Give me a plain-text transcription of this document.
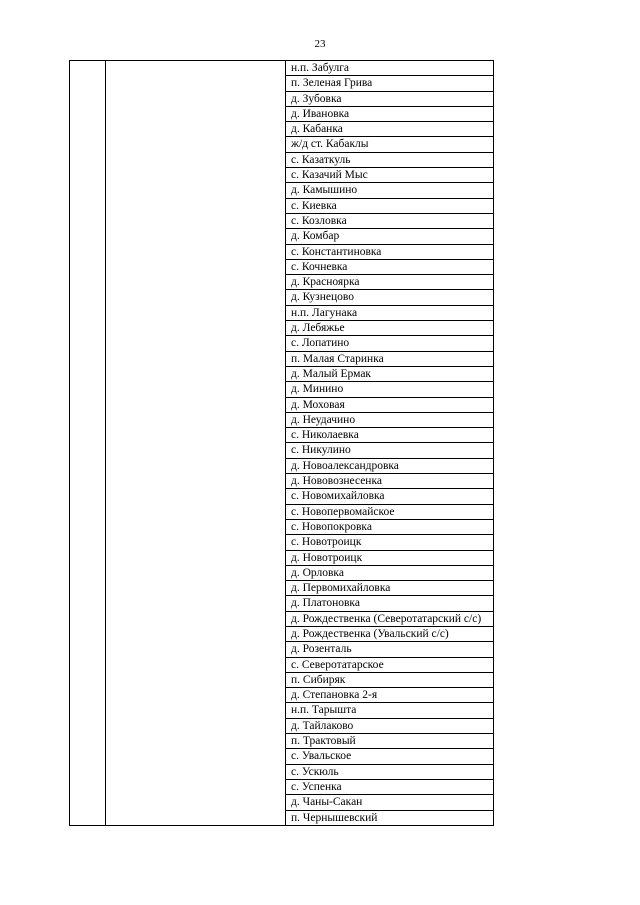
23
		н.п. Забулга
п. Зеленая Грива
д. Зубовка
д. Ивановка
д. Кабанка
ж/д ст. Кабаклы
с. Казаткуль
с. Казачий Мыс
д. Камышино
с. Киевка
с. Козловка
д. Комбар
с. Константиновка
с. Кочневка
д. Красноярка
д. Кузнецово
н.п. Лагунака
д. Лебяжье
с. Лопатино
п. Малая Старинка
д. Малый Ермак
д. Минино
д. Моховая
д. Неудачино
с. Николаевка
с. Никулино
д. Новоалександровка
д. Нововознесенка
с. Новомихайловка
с. Новопервомайское
с. Новопокровка
с. Новотроицк
д. Новотроицк
д. Орловка
д. Первомихайловка
д. Платоновка
д. Рождественка (Северотатарский с/с)
д. Рождественка (Увальский с/с)
д. Розенталь
с. Северотатарское
п. Сибиряк
д. Степановка 2-я
н.п. Тарышта
д. Тайлаково
п. Трактовый
с. Увальское
с. Ускюль
с. Успенка
д. Чаны-Сакан
п. Чернышевский
